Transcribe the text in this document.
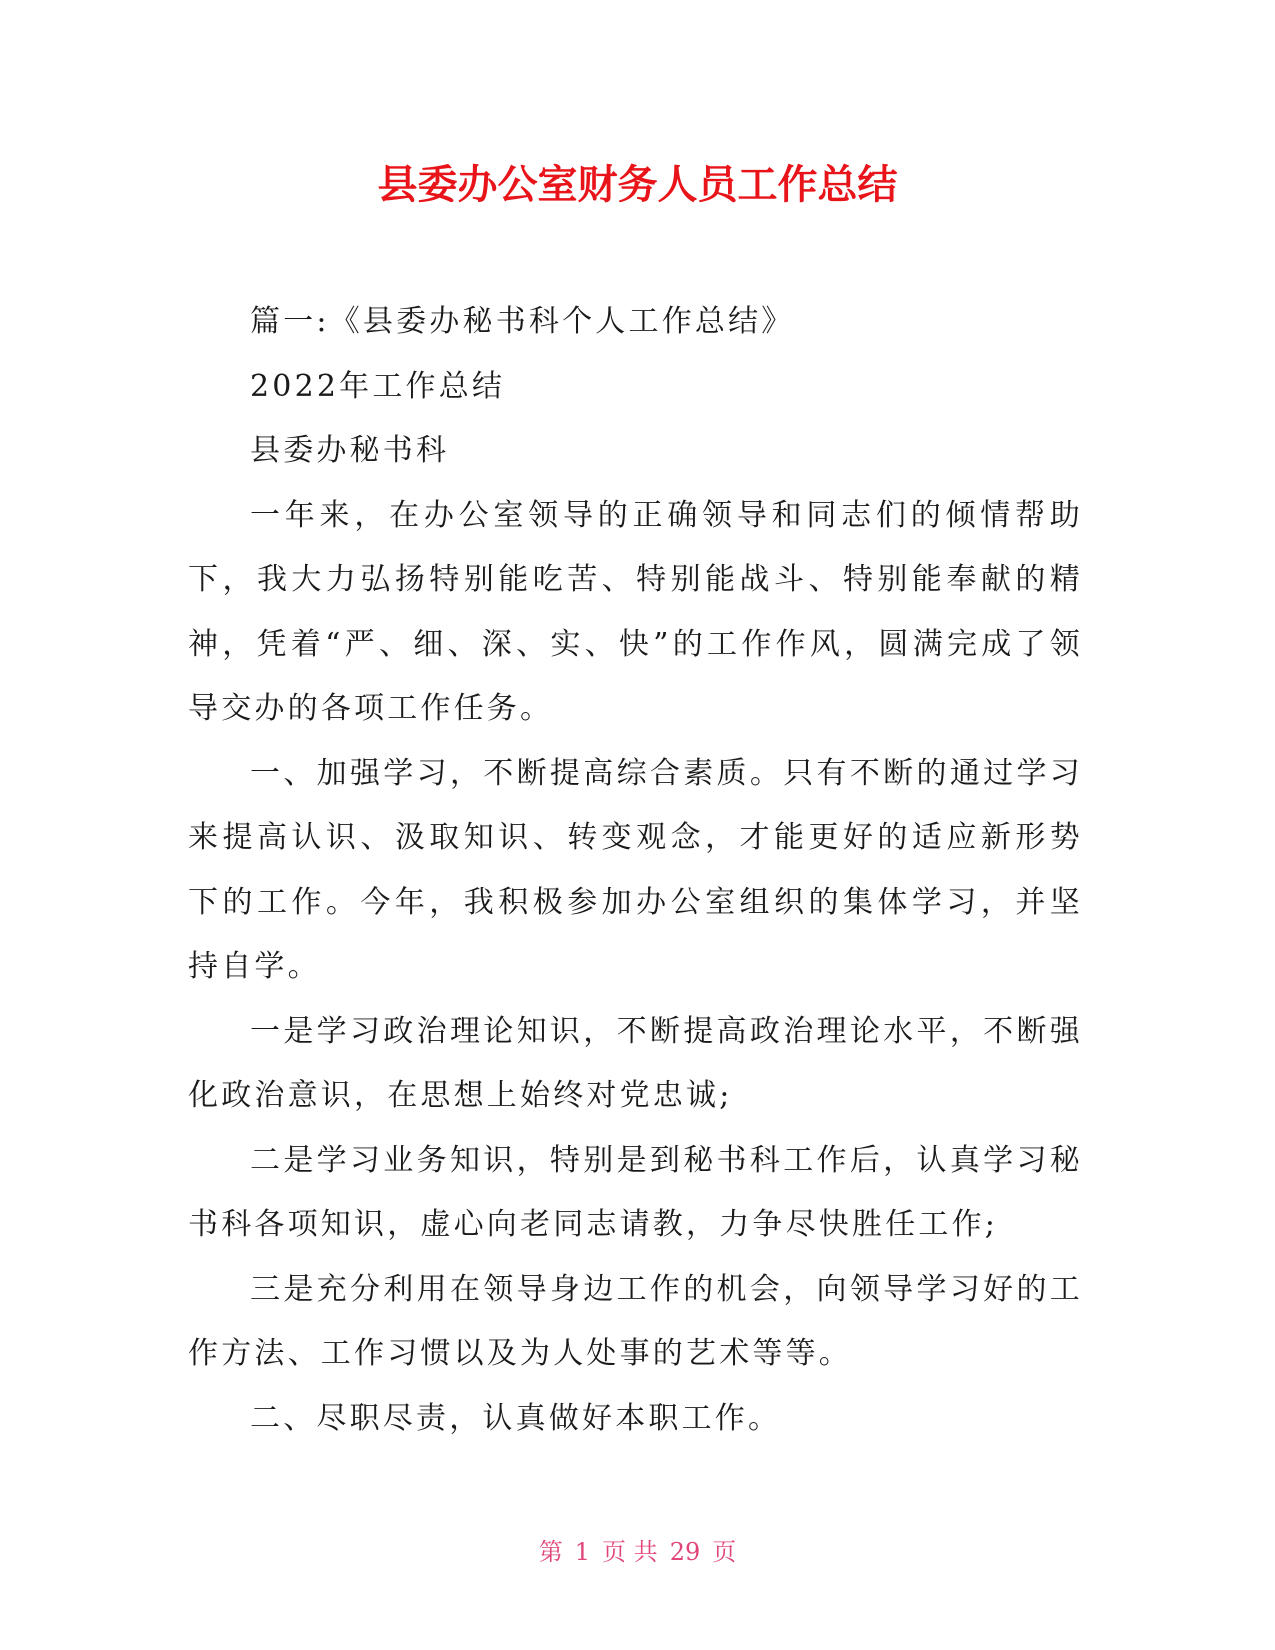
县委办公室财务人员工作总结

篇一:《县委办秘书科个人工作总结》

2022年工作总结

县委办秘书科

一年来，在办公室领导的正确领导和同志们的倾情帮助下，我大力弘扬特别能吃苦、特别能战斗、特别能奉献的精神，凭着“严、细、深、实、快”的工作作风，圆满完成了领导交办的各项工作任务。

一、加强学习，不断提高综合素质。只有不断的通过学习来提高认识、汲取知识、转变观念，才能更好的适应新形势下的工作。今年，我积极参加办公室组织的集体学习，并坚持自学。

一是学习政治理论知识，不断提高政治理论水平，不断强化政治意识，在思想上始终对党忠诚;

二是学习业务知识，特别是到秘书科工作后，认真学习秘书科各项知识，虚心向老同志请教，力争尽快胜任工作;

三是充分利用在领导身边工作的机会，向领导学习好的工作方法、工作习惯以及为人处事的艺术等等。

二、尽职尽责，认真做好本职工作。

第 1 页 共 29 页
